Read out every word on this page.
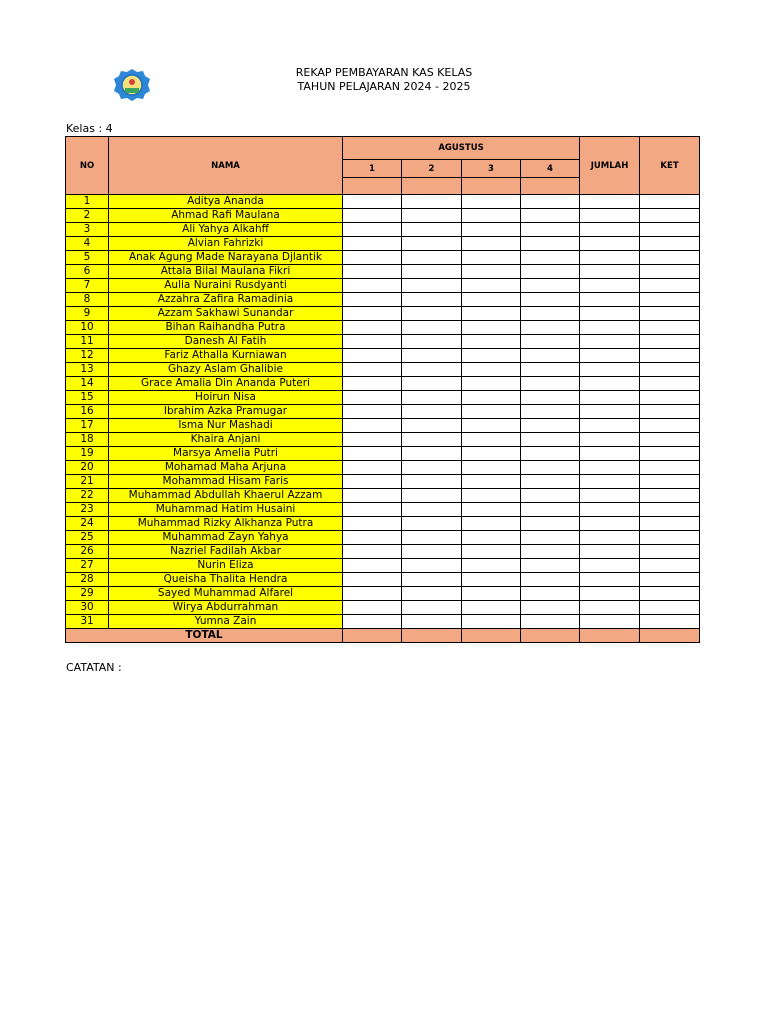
REKAP PEMBAYARAN KAS KELAS
TAHUN PELAJARAN 2024 - 2025
Kelas : 4
NO	NAMA	AGUSTUS				JUMLAH	KET
		1	2	3	4		

1	Aditya Ananda						
2	Ahmad Rafi Maulana						
3	Ali Yahya Alkahff						
4	Alvian Fahrizki						
5	Anak Agung Made Narayana Djlantik						
6	Attala Bilal Maulana Fikri						
7	Aulia Nuraini Rusdyanti						
8	Azzahra Zafira Ramadinia						
9	Azzam Sakhawi Sunandar						
10	Bihan Raihandha Putra						
11	Danesh Al Fatih						
12	Fariz Athalla Kurniawan						
13	Ghazy Aslam Ghalibie						
14	Grace Amalia Din Ananda Puteri						
15	Hoirun Nisa						
16	Ibrahim Azka Pramugar						
17	Isma Nur Mashadi						
18	Khaira Anjani						
19	Marsya Amelia Putri						
20	Mohamad Maha Arjuna						
21	Mohammad Hisam Faris						
22	Muhammad Abdullah Khaerul Azzam						
23	Muhammad Hatim Husaini						
24	Muhammad Rizky Alkhanza Putra						
25	Muhammad Zayn Yahya						
26	Nazriel Fadilah Akbar						
27	Nurin Eliza						
28	Queisha Thalita Hendra						
29	Sayed Muhammad Alfarel						
30	Wirya Abdurrahman						
31	Yumna Zain						
TOTAL							
CATATAN :
